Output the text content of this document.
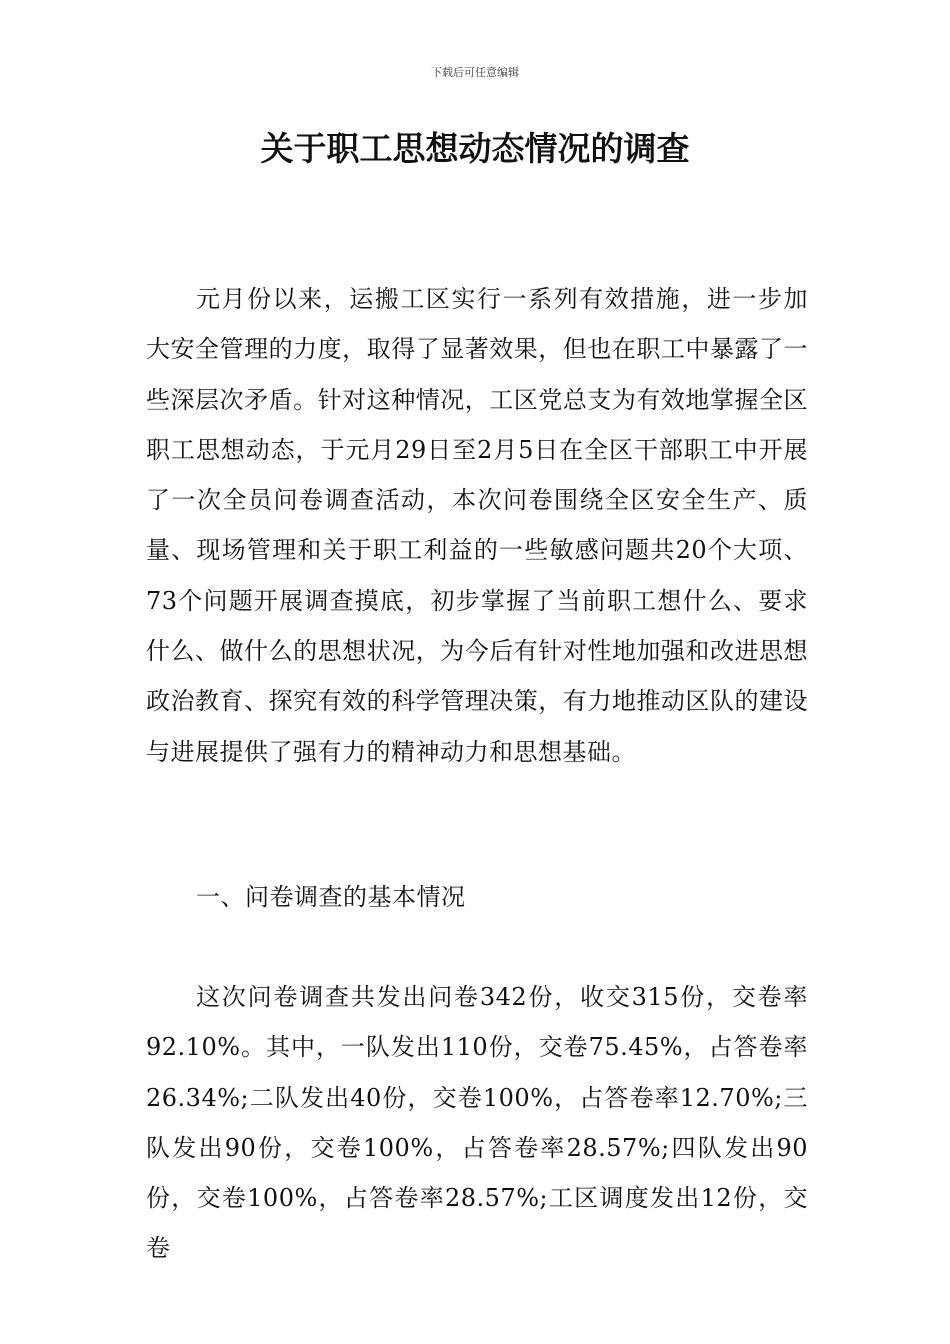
下载后可任意编辑
关于职工思想动态情况的调查

元月份以来，运搬工区实行一系列有效措施，进一步加大安全管理的力度，取得了显著效果，但也在职工中暴露了一些深层次矛盾。针对这种情况，工区党总支为有效地掌握全区职工思想动态，于元月29日至2月5日在全区干部职工中开展了一次全员问卷调查活动，本次问卷围绕全区安全生产、质量、现场管理和关于职工利益的一些敏感问题共20个大项、73个问题开展调查摸底，初步掌握了当前职工想什么、要求什么、做什么的思想状况，为今后有针对性地加强和改进思想政治教育、探究有效的科学管理决策，有力地推动区队的建设与进展提供了强有力的精神动力和思想基础。

一、问卷调查的基本情况

这次问卷调查共发出问卷342份，收交315份，交卷率92.10%。其中，一队发出110份，交卷75.45%，占答卷率26.34%;二队发出40份，交卷100%，占答卷率12.70%;三队发出90份，交卷100%，占答卷率28.57%;四队发出90份，交卷100%，占答卷率28.57%;工区调度发出12份，交卷
